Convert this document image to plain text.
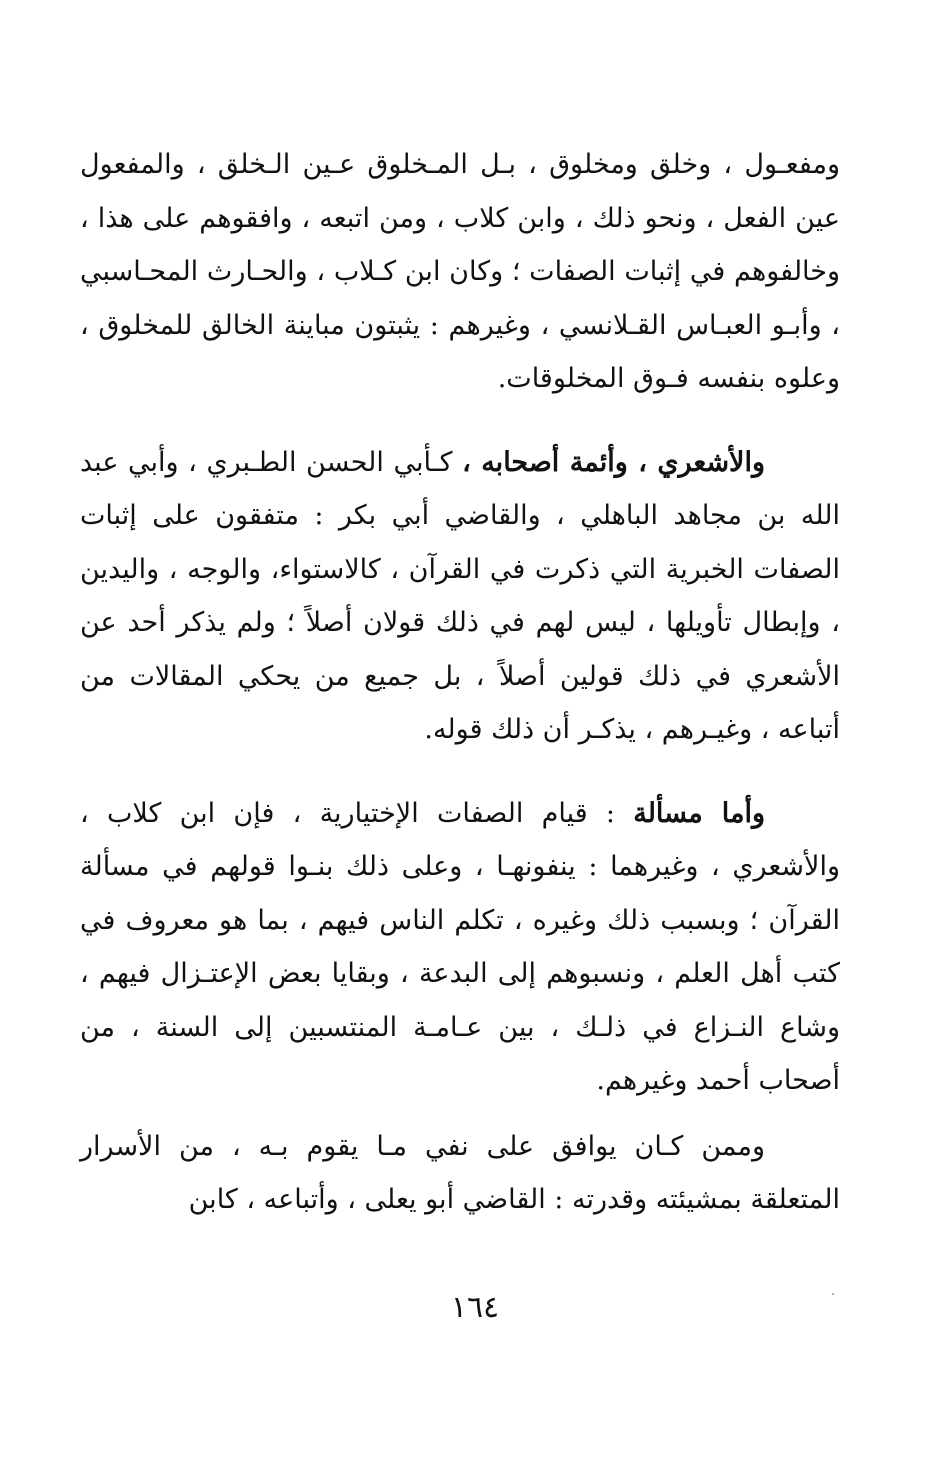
ومفعـول ، وخلق ومخلوق ، بـل المـخلوق عـين الـخلق ، والمفعول عين الفعل ، ونحو ذلك ، وابن كلاب ، ومن اتبعه ، وافقوهم على هذا ، وخالفوهم في إثبات الصفات ؛ وكان ابن كـلاب ، والحـارث المحـاسبي ، وأبـو العبـاس القـلانسي ، وغيرهم : يثبتون مباينة الخالق للمخلوق ، وعلوه بنفسه فـوق المخلوقات.

والأشعري ، وأئمة أصحابه ، كـأبي الحسن الطـبري ، وأبي عبد الله بن مجاهد الباهلي ، والقاضي أبي بكر : متفقون على إثبات الصفات الخبرية التي ذكرت في القرآن ، كالاستواء، والوجه ، واليدين ، وإبطال تأويلها ، ليس لهم في ذلك قولان أصلاً ؛ ولم يذكر أحد عن الأشعري في ذلك قولين أصلاً ، بل جميع من يحكي المقالات من أتباعه ، وغيـرهم ، يذكـر أن ذلك قوله.

وأما مسألة : قيام الصفات الإختيارية ، فإن ابن كلاب ، والأشعري ، وغيرهما : ينفونهـا ، وعلى ذلك بنـوا قولهم في مسألة القرآن ؛ وبسبب ذلك وغيره ، تكلم الناس فيهم ، بما هو معروف في كتب أهل العلم ، ونسبوهم إلى البدعة ، وبقايا بعض الإعتـزال فيهم ، وشاع النـزاع في ذلـك ، بين عـامـة المنتسبين إلى السنة ، من أصحاب أحمد وغيرهم.

وممن كـان يوافق على نفي مـا يقوم بـه ، من الأسرار المتعلقة بمشيئته وقدرته : القاضي أبو يعلى ، وأتباعه ، كابن

١٦٤
